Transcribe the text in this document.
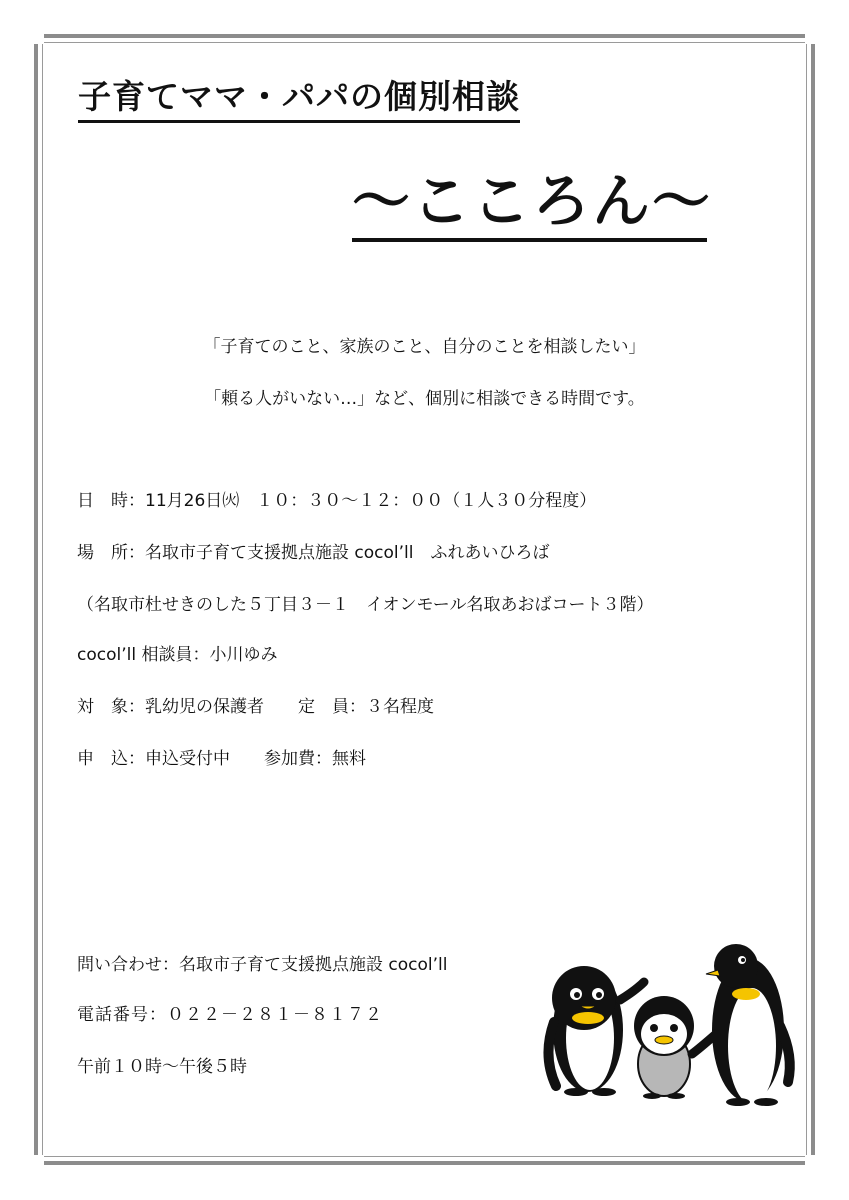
子育てママ・パパの個別相談
～こころん～
「子育てのこと、家族のこと、自分のことを相談したい」
「頼る人がいない…」など、個別に相談できる時間です。
日　時：11月26日㈫　１０：３０～１２：００（１人３０分程度）
場　所：名取市子育て支援拠点施設 cocol’ll　ふれあいひろば
（名取市杜せきのした５丁目３－１　イオンモール名取あおばコート３階）
cocol’ll 相談員：小川ゆみ
対　象：乳幼児の保護者　　定　員：３名程度
申　込：申込受付中　　参加費：無料
問い合わせ：名取市子育て支援拠点施設 cocol’ll
電話番号：０２２－２８１－８１７２
午前１０時～午後５時
